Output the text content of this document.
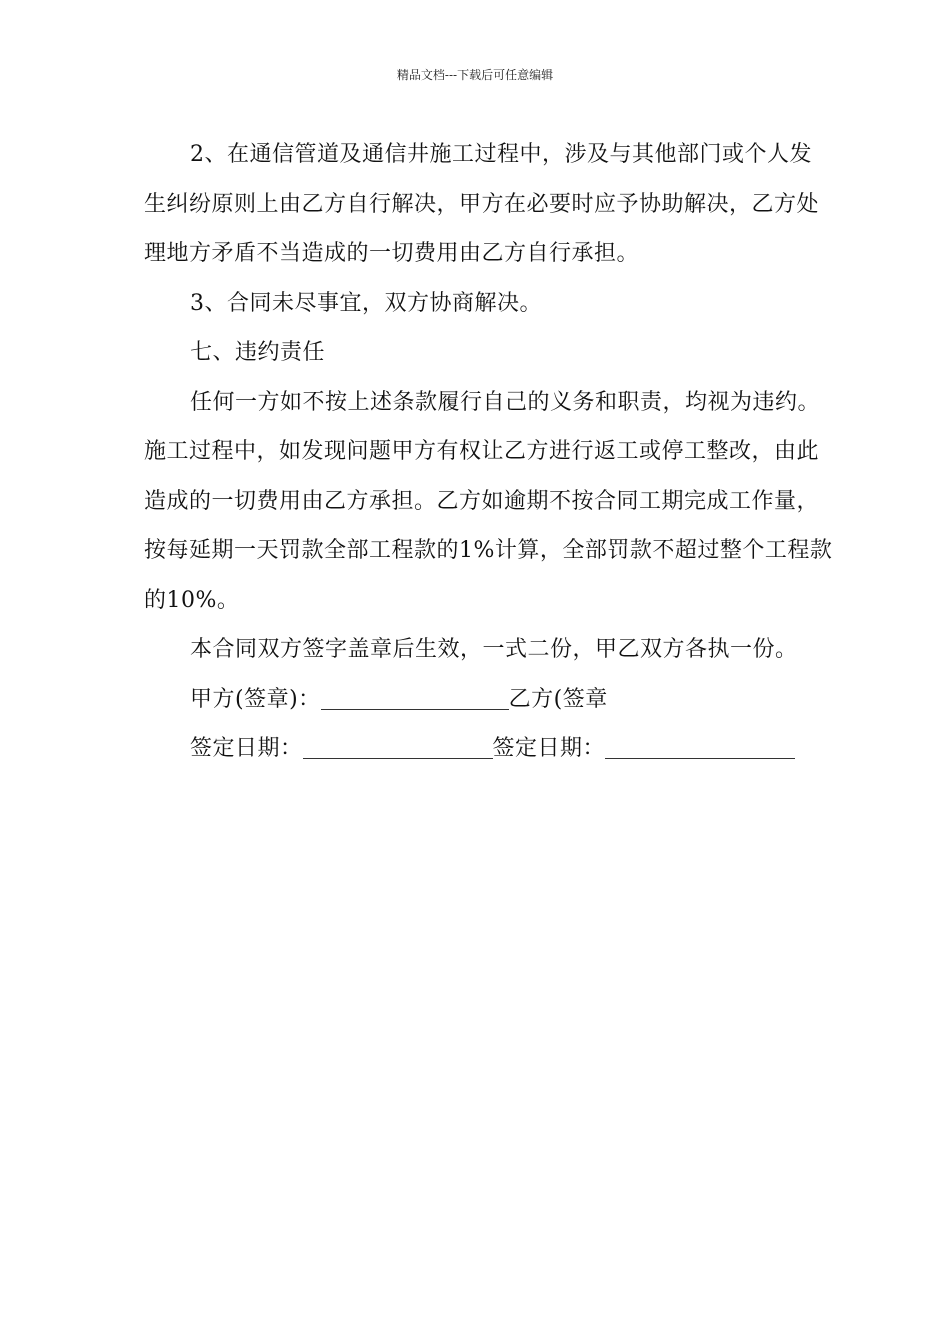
精品文档---下载后可任意编辑

2、在通信管道及通信井施工过程中，涉及与其他部门或个人发生纠纷原则上由乙方自行解决，甲方在必要时应予协助解决，乙方处理地方矛盾不当造成的一切费用由乙方自行承担。

3、合同未尽事宜，双方协商解决。

七、违约责任

任何一方如不按上述条款履行自己的义务和职责，均视为违约。施工过程中，如发现问题甲方有权让乙方进行返工或停工整改，由此造成的一切费用由乙方承担。乙方如逾期不按合同工期完成工作量，按每延期一天罚款全部工程款的1%计算，全部罚款不超过整个工程款的10%。

本合同双方签字盖章后生效，一式二份，甲乙双方各执一份。

甲方(签章)：	乙方(签章
签定日期：	签定日期：
